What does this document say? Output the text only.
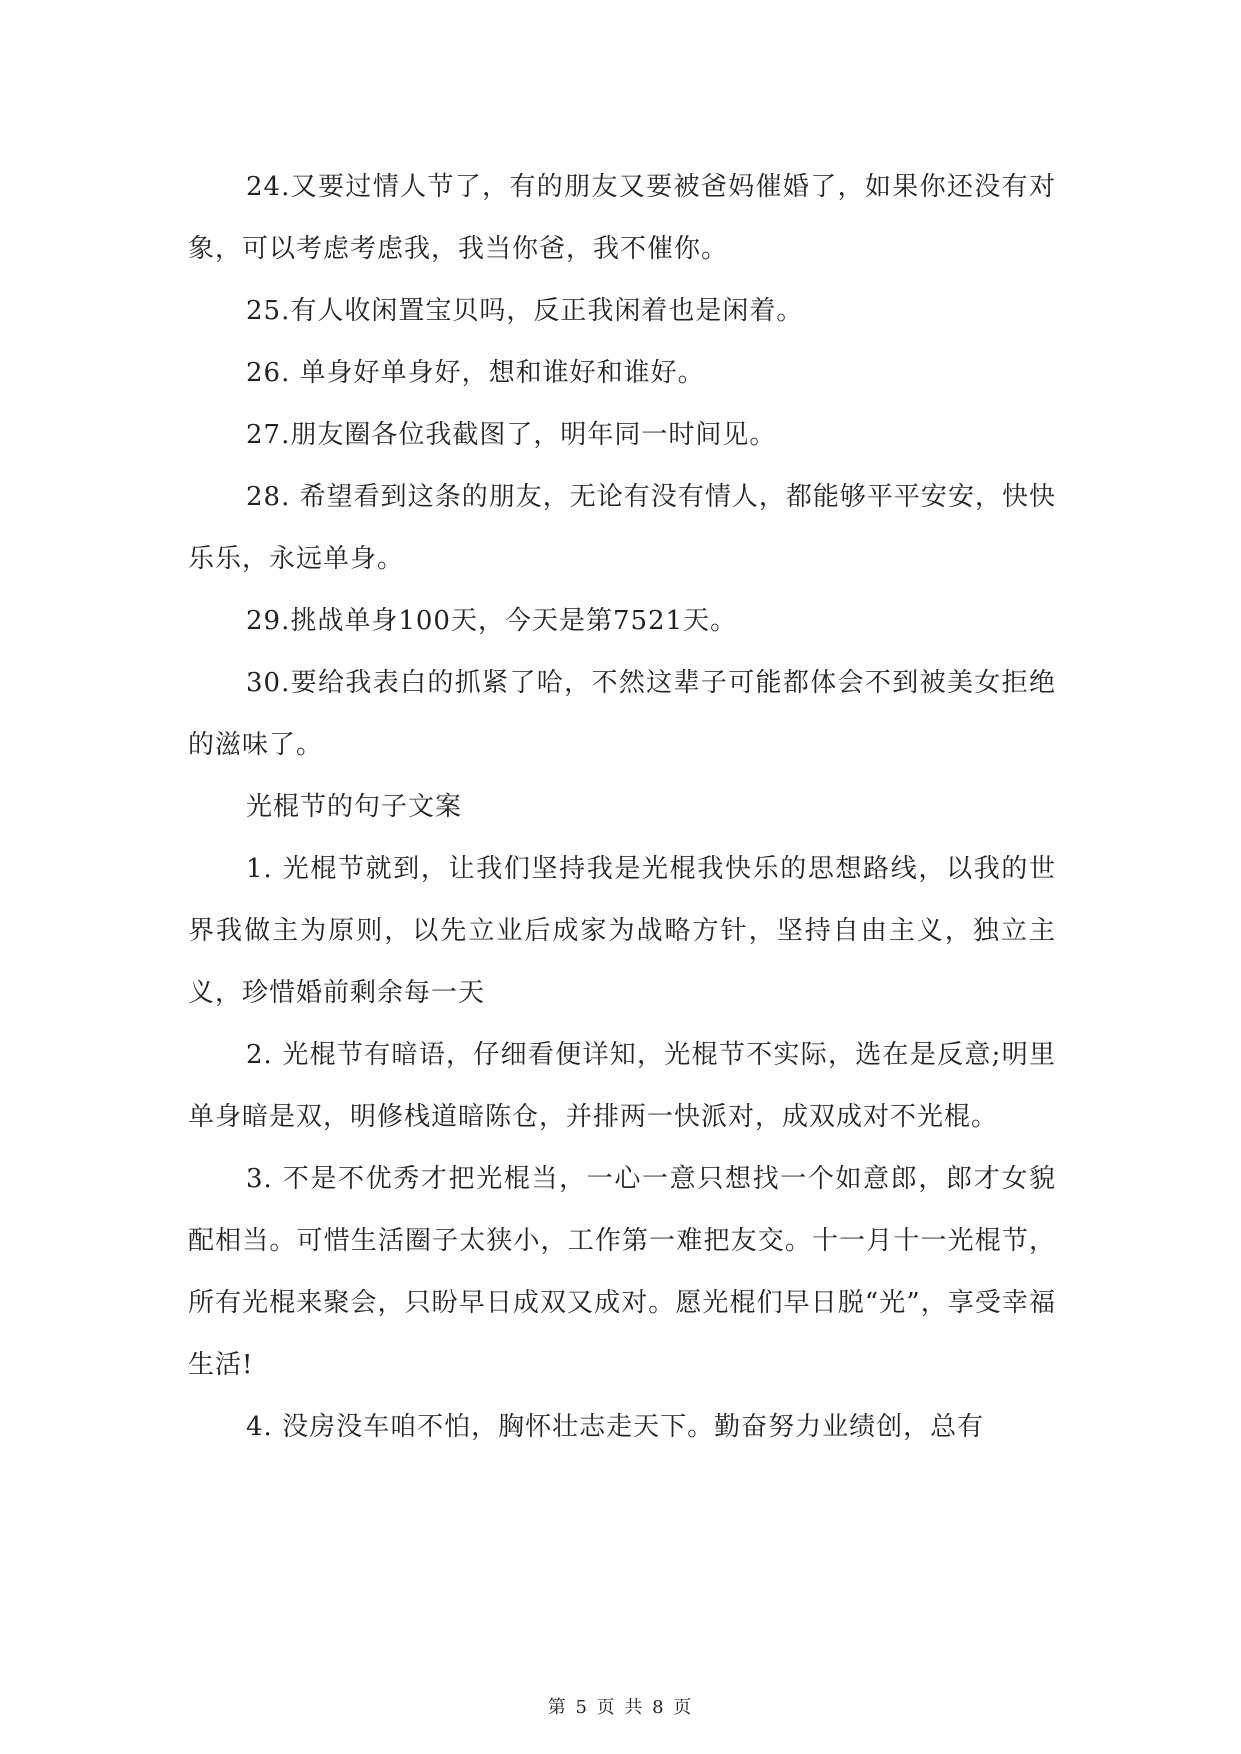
24.又要过情人节了，有的朋友又要被爸妈催婚了，如果你还没有对象，可以考虑考虑我，我当你爸，我不催你。

25.有人收闲置宝贝吗，反正我闲着也是闲着。

26. 单身好单身好，想和谁好和谁好。

27.朋友圈各位我截图了，明年同一时间见。

28. 希望看到这条的朋友，无论有没有情人，都能够平平安安，快快乐乐，永远单身。

29.挑战单身100天，今天是第7521天。

30.要给我表白的抓紧了哈，不然这辈子可能都体会不到被美女拒绝的滋味了。

光棍节的句子文案

1. 光棍节就到，让我们坚持我是光棍我快乐的思想路线，以我的世界我做主为原则，以先立业后成家为战略方针，坚持自由主义，独立主义，珍惜婚前剩余每一天

2. 光棍节有暗语，仔细看便详知，光棍节不实际，选在是反意;明里单身暗是双，明修栈道暗陈仓，并排两一快派对，成双成对不光棍。

3. 不是不优秀才把光棍当，一心一意只想找一个如意郎，郎才女貌配相当。可惜生活圈子太狭小，工作第一难把友交。十一月十一光棍节，所有光棍来聚会，只盼早日成双又成对。愿光棍们早日脱“光”，享受幸福生活!

4. 没房没车咱不怕，胸怀壮志走天下。勤奋努力业绩创，总有

第 5 页 共 8 页
